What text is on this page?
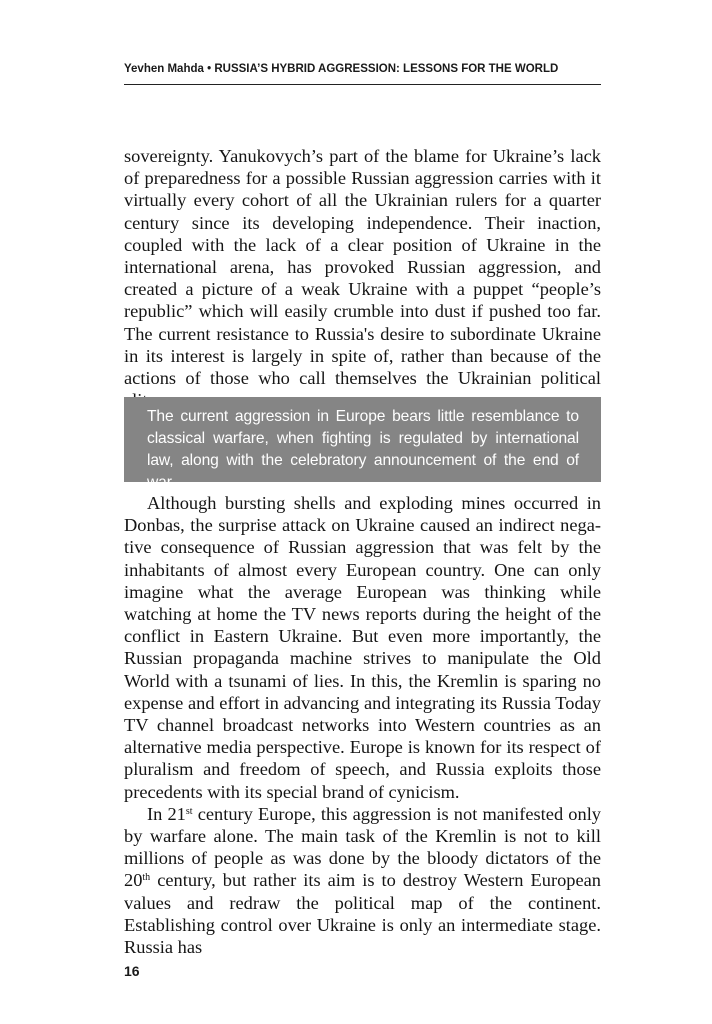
Yevhen Mahda • RUSSIA’S HYBRID AGGRESSION: LESSONS FOR THE WORLD

sovereignty. Yanukovych’s part of the blame for Ukraine’s lack of preparedness for a possible Russian aggression carries with it virtually every cohort of all the Ukrainian rulers for a quarter century since its developing independence. Their inaction, coupled with the lack of a clear position of Ukraine in the international arena, has provoked Russian aggression, and created a picture of a weak Ukraine with a puppet “people’s republic” which will easily crumble into dust if pushed too far. The current resistance to Russia's desire to subordinate Ukraine in its interest is largely in spite of, rather than because of the actions of those who call themselves the Ukrainian political

The current aggression in Europe bears little resemblance to classical warfare, when fighting is regulated by international law, along with the celebratory announcement of the end of war.

Although bursting shells and exploding mines occurred in Donbas, the surprise attack on Ukraine caused an indirect negative consequence of Russian aggression that was felt by the inhabitants of almost every European country. One can only imagine what the average European was thinking while watching at home the TV news reports during the height of the conflict in Eastern Ukraine. But even more importantly, the Russian propaganda machine strives to manipulate the Old World with a tsunami of lies. In this, the Kremlin is sparing no expense and effort in advancing and integrating its Russia Today TV channel broadcast networks into Western countries as an alternative media perspective. Europe is known for its respect of pluralism and freedom of speech, and Russia exploits those precedents with its special brand of cynicism.

In 21st century Europe, this aggression is not manifested only by warfare alone. The main task of the Kremlin is not to kill millions of people as was done by the bloody dictators of the 20th century, but rather its aim is to destroy Western European values and redraw the political map of the continent. Establishing control over Ukraine is only an intermediate stage. Russia has

16
